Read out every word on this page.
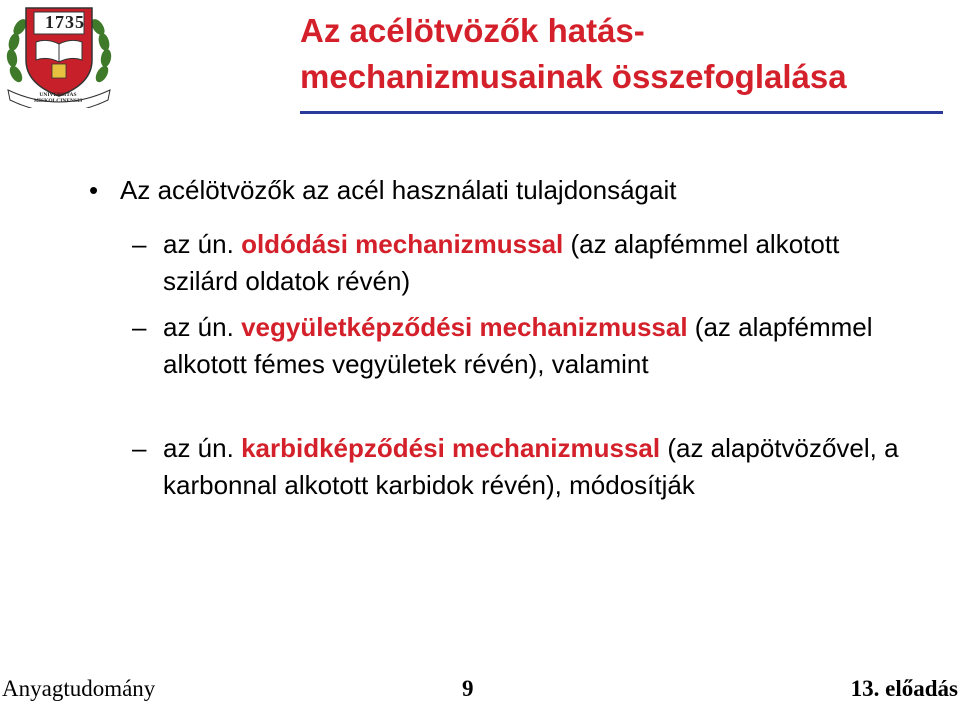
1735
UNIVERSITAS MISKOLCINENSIS
Az acélötvözők hatás-
mechanizmusainak összefoglalása
• Az acélötvözők az acél használati tulajdonságait
– az ún. oldódási mechanizmussal (az alapfémmel alkotott szilárd oldatok révén)
– az ún. vegyületképződési mechanizmussal (az alapfémmel alkotott fémes vegyületek révén), valamint
– az ún. karbidképződési mechanizmussal (az alapötvözővel, a karbonnal alkotott karbidok révén), módosítják
Anyagtudomány	9	13. előadás
